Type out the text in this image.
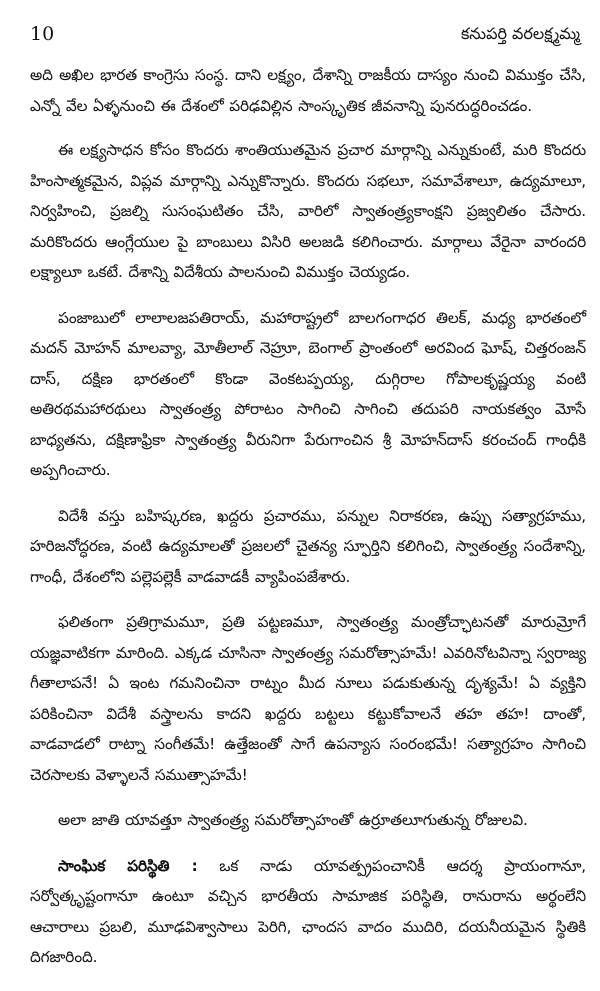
10	కనుపర్తి వరలక్ష్మమ్మ

అది అఖిల భారత కాంగ్రెసు సంస్థ. దాని లక్ష్యం, దేశాన్ని రాజకీయ దాస్యం నుంచి విముక్తం చేసి, ఎన్నో వేల ఏళ్ళనుంచి ఈ దేశంలో పరిఢవిల్లిన సాంస్కృతిక జీవనాన్ని పునరుద్ధరించడం.

ఈ లక్ష్యసాధన కోసం కొందరు శాంతియుతమైన ప్రచార మార్గాన్ని ఎన్నుకుంటే, మరి కొందరు హింసాత్మకమైన, విప్లవ మార్గాన్ని ఎన్నుకొన్నారు. కొందరు సభలూ, సమావేశాలూ, ఉద్యమాలూ, నిర్వహించి, ప్రజల్ని సుసంఘటితం చేసి, వారిలో స్వాతంత్ర్యకాంక్షని ప్రజ్వలితం చేసారు. మరికొందరు ఆంగ్లేయుల పై బాంబులు విసిరి అలజడి కలిగించారు. మార్గాలు వేరైనా వారందరి లక్ష్యాలూ ఒకటే. దేశాన్ని విదేశీయ పాలనుంచి విముక్తం చెయ్యడం.

పంజాబులో లాలాలజపతిరాయ్, మహారాష్ట్రలో బాలగంగాధర తిలక్, మధ్య భారతంలో మదన్ మోహన్ మాలవ్యా, మోతీలాల్ నెహ్రూ, బెంగాల్ ప్రాంతంలో అరవింద ఘోష్, చిత్తరంజన్ దాస్, దక్షిణ భారతంలో కొండా వెంకటప్పయ్య, దుగ్గిరాల గోపాలకృష్ణయ్య వంటి అతిరథమహారథులు స్వాతంత్ర్య పోరాటం సాగించి సాగించి తదుపరి నాయకత్వం మోసే బాధ్యతను, దక్షిణాఫ్రికా స్వాతంత్ర్య వీరునిగా పేరుగాంచిన శ్రీ మోహన్‌దాస్ కరంచంద్ గాంధీకి అప్పగించారు.

విదేశీ వస్తు బహిష్కరణ, ఖద్దరు ప్రచారము, పన్నుల నిరాకరణ, ఉప్పు సత్యాగ్రహము, హరిజనోద్ధరణ, వంటి ఉద్యమాలతో ప్రజలలో చైతన్య స్ఫూర్తిని కలిగించి, స్వాతంత్ర్య సందేశాన్ని, గాంధీ, దేశంలోని పల్లెపల్లెకీ వాడవాడకీ వ్యాపింపజేశారు.

ఫలితంగా ప్రతిగ్రామమూ, ప్రతి పట్టణమూ, స్వాతంత్ర్య మంత్రోచ్ఛాటనతో మారుమ్రోగే యజ్ఞవాటికగా మారింది. ఎక్కడ చూసినా స్వాతంత్ర్య సమరోత్సాహమే! ఎవరినోటవిన్నా స్వరాజ్య గీతాలాపనే! ఏ ఇంట గమనించినా రాట్నం మీద నూలు పడుకుతున్న దృశ్యమే! ఏ వ్యక్తిని పరికించినా విదేశీ వస్త్రాలను కాదని ఖద్దరు బట్టలు కట్టుకోవాలనే తహ తహ! దాంతో, వాడవాడలో రాట్నా సంగీతమే! ఉత్తేజంతో సాగే ఉపన్యాస సంరంభమే! సత్యాగ్రహం సాగించి చెరసాలకు వెళ్ళాలనే సముత్సాహమే!

అలా జాతి యావత్తూ స్వాతంత్ర్య సమరోత్సాహంతో ఉర్రూతలూగుతున్న రోజులవి.

సాంఘిక పరిస్థితి : ఒక నాడు యావత్ప్రపంచానికీ ఆదర్శ ప్రాయంగానూ, సర్వోత్కృష్టంగానూ ఉంటూ వచ్చిన భారతీయ సామాజిక పరిస్థితి, రానురాను అర్థంలేని ఆచారాలు ప్రబలి, మూఢవిశ్వాసాలు పెరిగి, ఛాందస వాదం ముదిరి, దయనీయమైన స్థితికి దిగజారింది.
